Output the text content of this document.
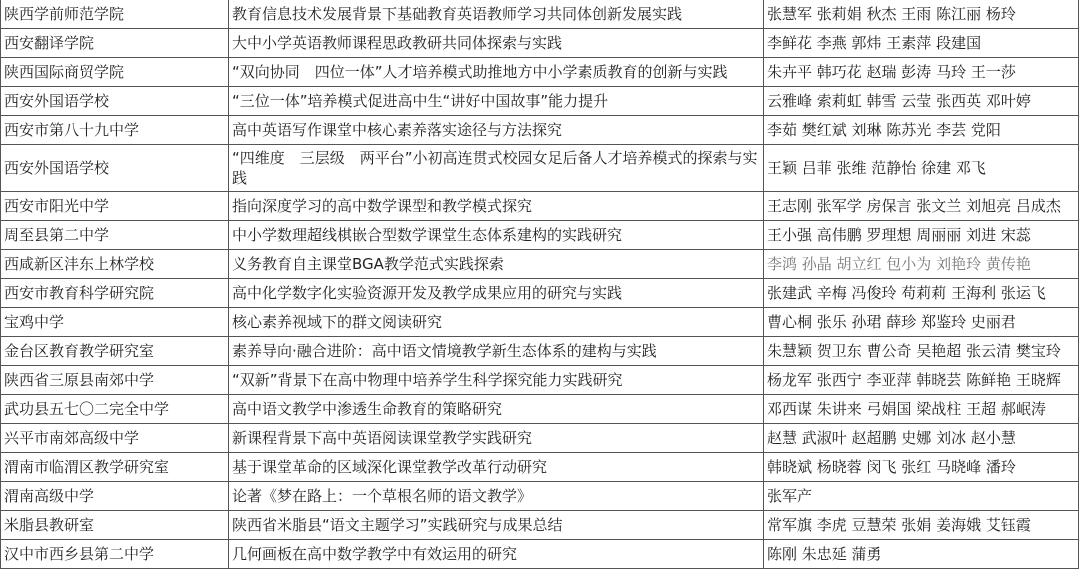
陕西学前师范学院	教育信息技术发展背景下基础教育英语教师学习共同体创新发展实践	张慧军 张莉娟 秋杰 王雨 陈江丽 杨玲
西安翻译学院	大中小学英语教师课程思政教研共同体探索与实践	李鲜花 李燕 郭炜 王素萍 段建国
陕西国际商贸学院	“双向协同　四位一体”人才培养模式助推地方中小学素质教育的创新与实践	朱卉平 韩巧花 赵瑞 彭涛 马玲 王一莎
西安外国语学校	“三位一体”培养模式促进高中生“讲好中国故事”能力提升	云雅峰 索莉虹 韩雪 云莹 张西英 邓叶婷
西安市第八十九中学	高中英语写作课堂中核心素养落实途径与方法探究	李茹 樊红斌 刘琳 陈苏光 李芸 党阳
西安外国语学校	“四维度　三层级　两平台”小初高连贯式校园女足后备人才培养模式的探索与实践	王颖 吕菲 张维 范静怡 徐建 邓飞
西安市阳光中学	指向深度学习的高中数学课型和教学模式探究	王志刚 张军学 房保言 张文兰 刘旭亮 吕成杰
周至县第二中学	中小学数理超线棋嵌合型数学课堂生态体系建构的实践研究	王小强 高伟鹏 罗理想 周丽丽 刘进 宋蕊
西咸新区沣东上林学校	义务教育自主课堂BGA教学范式实践探索	李鸿 孙晶 胡立红 包小为 刘艳玲 黄传艳
西安市教育科学研究院	高中化学数字化实验资源开发及教学成果应用的研究与实践	张建武 辛梅 冯俊玲 苟莉莉 王海利 张运飞
宝鸡中学	核心素养视域下的群文阅读研究	曹心桐 张乐 孙珺 薛珍 郑鉴玲 史丽君
金台区教育教学研究室	素养导向·融合进阶：高中语文情境教学新生态体系的建构与实践	朱慧颖 贺卫东 曹公奇 吴艳超 张云清 樊宝玲
陕西省三原县南郊中学	“双新”背景下在高中物理中培养学生科学探究能力实践研究	杨龙军 张西宁 李亚萍 韩晓芸 陈鲜艳 王晓辉
武功县五七〇二完全中学	高中语文教学中渗透生命教育的策略研究	邓西谋 朱讲来 弓娟国 梁战柱 王超 郝岷涛
兴平市南郊高级中学	新课程背景下高中英语阅读课堂教学实践研究	赵慧 武淑叶 赵超鹏 史娜 刘冰 赵小慧
渭南市临渭区教学研究室	基于课堂革命的区域深化课堂教学改革行动研究	韩晓斌 杨晓蓉 闵飞 张红 马晓峰 潘玲
渭南高级中学	论著《梦在路上：一个草根名师的语文教学》	张军产
米脂县教研室	陕西省米脂县“语文主题学习”实践研究与成果总结	常军旗 李虎 豆慧荣 张娟 姜海娥 艾钰霞
汉中市西乡县第二中学	几何画板在高中数学教学中有效运用的研究	陈刚 朱忠延 蒲勇
